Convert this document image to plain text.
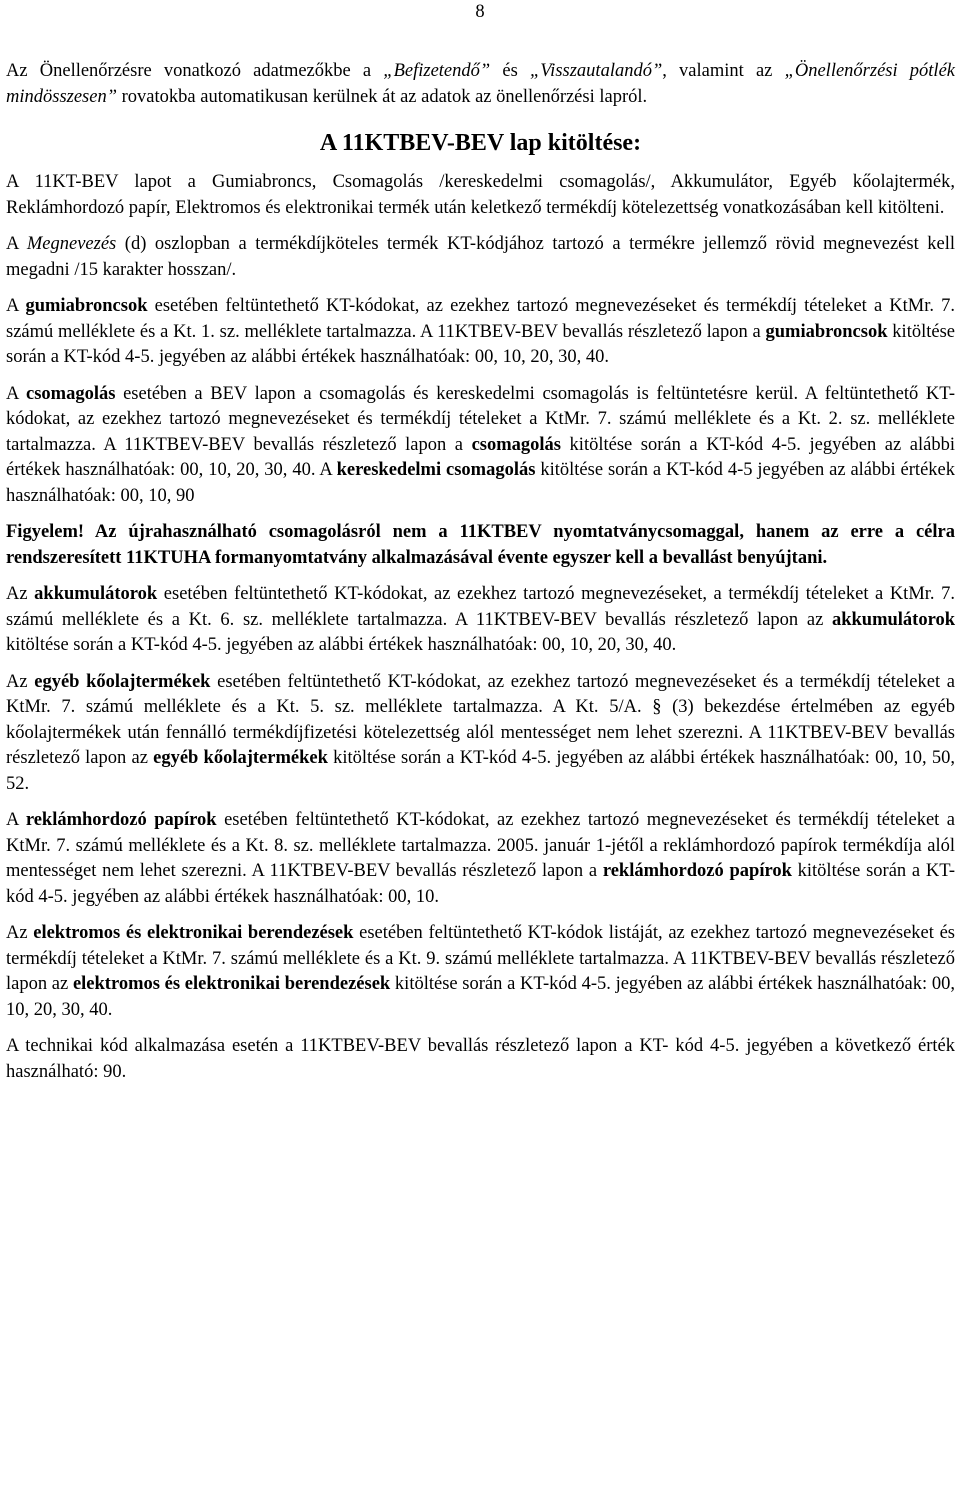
8

Az Önellenőrzésre vonatkozó adatmezőkbe a „Befizetendő” és „Visszautalandó”, valamint az „Önellenőrzési pótlék mindösszesen” rovatokba automatikusan kerülnek át az adatok az önellenőrzési lapról.

A 11KTBEV-BEV lap kitöltése:

A 11KT-BEV lapot a Gumiabroncs, Csomagolás /kereskedelmi csomagolás/, Akkumulátor, Egyéb kőolajtermék, Reklámhordozó papír, Elektromos és elektronikai termék után keletkező termékdíj kötelezettség vonatkozásában kell kitölteni.

A Megnevezés (d) oszlopban a termékdíjköteles termék KT-kódjához tartozó a termékre jellemző rövid megnevezést kell megadni /15 karakter hosszan/.

A gumiabroncsok esetében feltüntethető KT-kódokat, az ezekhez tartozó megnevezéseket és termékdíj tételeket a KtMr. 7. számú melléklete és a Kt. 1. sz. melléklete tartalmazza. A 11KTBEV-BEV bevallás részletező lapon a gumiabroncsok kitöltése során a KT-kód 4-5. jegyében az alábbi értékek használhatóak: 00, 10, 20, 30, 40.

A csomagolás esetében a BEV lapon a csomagolás és kereskedelmi csomagolás is feltüntetésre kerül. A feltüntethető KT-kódokat, az ezekhez tartozó megnevezéseket és termékdíj tételeket a KtMr. 7. számú melléklete és a Kt. 2. sz. melléklete tartalmazza. A 11KTBEV-BEV bevallás részletező lapon a csomagolás kitöltése során a KT-kód 4-5. jegyében az alábbi értékek használhatóak: 00, 10, 20, 30, 40. A kereskedelmi csomagolás kitöltése során a KT-kód 4-5 jegyében az alábbi értékek használhatóak: 00, 10, 90

Figyelem! Az újrahasználható csomagolásról nem a 11KTBEV nyomtatványcsomaggal, hanem az erre a célra rendszeresített 11KTUHA formanyomtatvány alkalmazásával évente egyszer kell a bevallást benyújtani.

Az akkumulátorok esetében feltüntethető KT-kódokat, az ezekhez tartozó megnevezéseket, a termékdíj tételeket a KtMr. 7. számú melléklete és a Kt. 6. sz. melléklete tartalmazza. A 11KTBEV-BEV bevallás részletező lapon az akkumulátorok kitöltése során a KT-kód 4-5. jegyében az alábbi értékek használhatóak: 00, 10, 20, 30, 40.

Az egyéb kőolajtermékek esetében feltüntethető KT-kódokat, az ezekhez tartozó megnevezéseket és a termékdíj tételeket a KtMr. 7. számú melléklete és a Kt. 5. sz. melléklete tartalmazza. A Kt. 5/A. § (3) bekezdése értelmében az egyéb kőolajtermékek után fennálló termékdíjfizetési kötelezettség alól mentességet nem lehet szerezni. A 11KTBEV-BEV bevallás részletező lapon az egyéb kőolajtermékek kitöltése során a KT-kód 4-5. jegyében az alábbi értékek használhatóak: 00, 10, 50, 52.

A reklámhordozó papírok esetében feltüntethető KT-kódokat, az ezekhez tartozó megnevezéseket és termékdíj tételeket a KtMr. 7. számú melléklete és a Kt. 8. sz. melléklete tartalmazza. 2005. január 1-jétől a reklámhordozó papírok termékdíja alól mentességet nem lehet szerezni. A 11KTBEV-BEV bevallás részletező lapon a reklámhordozó papírok kitöltése során a KT-kód 4-5. jegyében az alábbi értékek használhatóak: 00, 10.

Az elektromos és elektronikai berendezések esetében feltüntethető KT-kódok listáját, az ezekhez tartozó megnevezéseket és termékdíj tételeket a KtMr. 7. számú melléklete és a Kt. 9. számú melléklete tartalmazza. A 11KTBEV-BEV bevallás részletező lapon az elektromos és elektronikai berendezések kitöltése során a KT-kód 4-5. jegyében az alábbi értékek használhatóak: 00, 10, 20, 30, 40.

A technikai kód alkalmazása esetén a 11KTBEV-BEV bevallás részletező lapon a KT- kód 4-5. jegyében a következő érték használható: 90.
